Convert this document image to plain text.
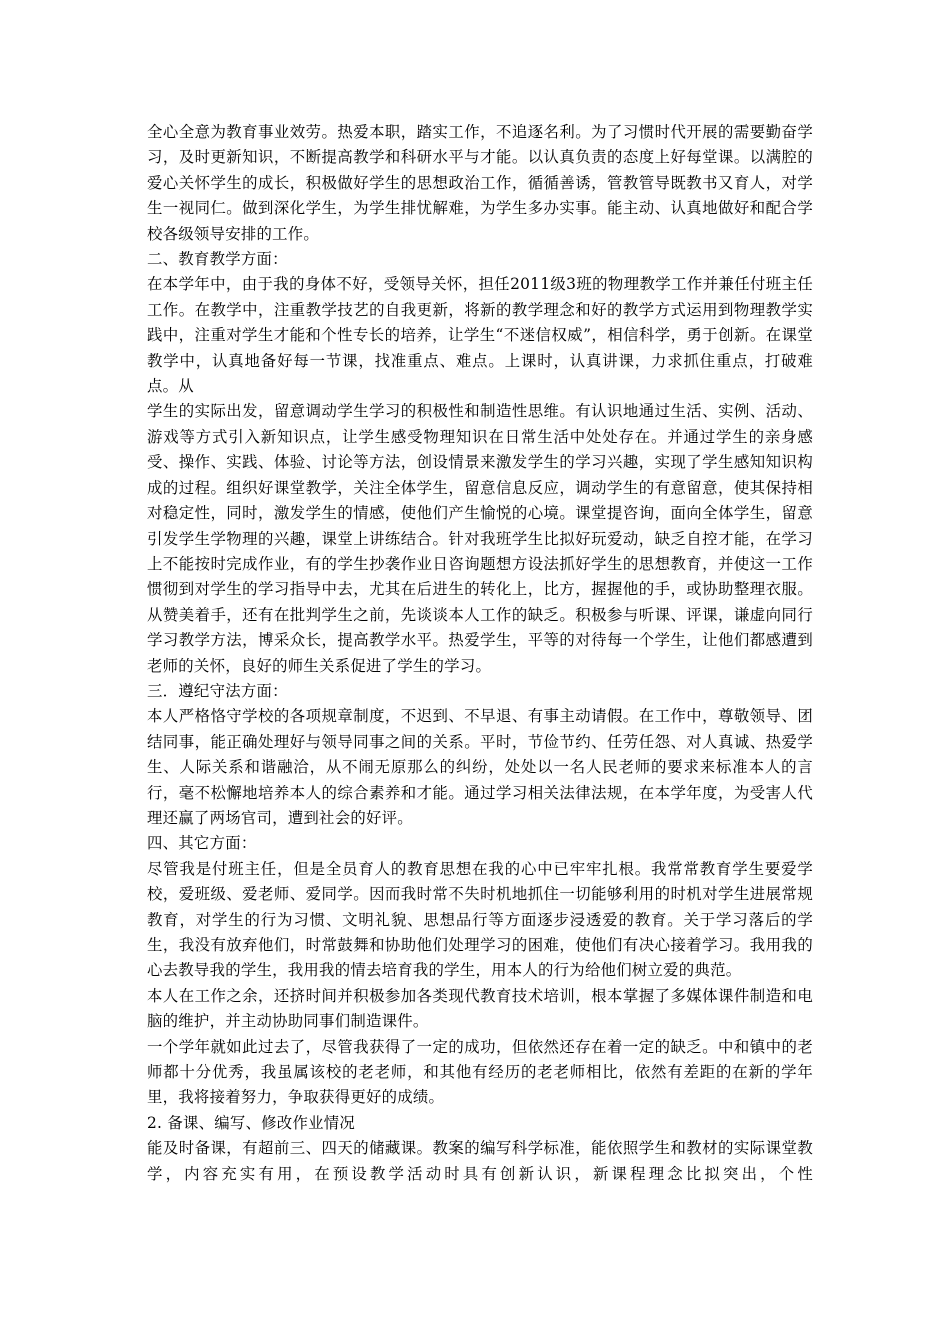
全心全意为教育事业效劳。热爱本职，踏实工作，不追逐名利。为了习惯时代开展的需要勤奋学习，及时更新知识，不断提高教学和科研水平与才能。以认真负责的态度上好每堂课。以满腔的爱心关怀学生的成长，积极做好学生的思想政治工作，循循善诱，管教管导既教书又育人，对学生一视同仁。做到深化学生，为学生排忧解难，为学生多办实事。能主动、认真地做好和配合学校各级领导安排的工作。

二、教育教学方面：

在本学年中，由于我的身体不好，受领导关怀，担任2011级3班的物理教学工作并兼任付班主任工作。在教学中，注重教学技艺的自我更新，将新的教学理念和好的教学方式运用到物理教学实践中，注重对学生才能和个性专长的培养，让学生“不迷信权威”，相信科学，勇于创新。在课堂教学中，认真地备好每一节课，找准重点、难点。上课时，认真讲课，力求抓住重点，打破难点。从

学生的实际出发，留意调动学生学习的积极性和制造性思维。有认识地通过生活、实例、活动、游戏等方式引入新知识点，让学生感受物理知识在日常生活中处处存在。并通过学生的亲身感受、操作、实践、体验、讨论等方法，创设情景来激发学生的学习兴趣，实现了学生感知知识构成的过程。组织好课堂教学，关注全体学生，留意信息反应，调动学生的有意留意，使其保持相对稳定性，同时，激发学生的情感，使他们产生愉悦的心境。课堂提咨询，面向全体学生，留意引发学生学物理的兴趣，课堂上讲练结合。针对我班学生比拟好玩爱动，缺乏自控才能，在学习上不能按时完成作业，有的学生抄袭作业日咨询题想方设法抓好学生的思想教育，并使这一工作惯彻到对学生的学习指导中去，尤其在后进生的转化上，比方，握握他的手，或协助整理衣服。从赞美着手，还有在批判学生之前，先谈谈本人工作的缺乏。积极参与听课、评课，谦虚向同行学习教学方法，博采众长，提高教学水平。热爱学生，平等的对待每一个学生，让他们都感遭到老师的关怀，良好的师生关系促进了学生的学习。

三．遵纪守法方面：

本人严格恪守学校的各项规章制度，不迟到、不早退、有事主动请假。在工作中，尊敬领导、团结同事，能正确处理好与领导同事之间的关系。平时，节俭节约、任劳任怨、对人真诚、热爱学生、人际关系和谐融洽，从不闹无原那么的纠纷，处处以一名人民老师的要求来标准本人的言行，毫不松懈地培养本人的综合素养和才能。通过学习相关法律法规，在本学年度，为受害人代理还赢了两场官司，遭到社会的好评。

四、其它方面：

尽管我是付班主任，但是全员育人的教育思想在我的心中已牢牢扎根。我常常教育学生要爱学校，爱班级、爱老师、爱同学。因而我时常不失时机地抓住一切能够利用的时机对学生进展常规教育，对学生的行为习惯、文明礼貌、思想品行等方面逐步浸透爱的教育。关于学习落后的学生，我没有放弃他们，时常鼓舞和协助他们处理学习的困难，使他们有决心接着学习。我用我的心去教导我的学生，我用我的情去培育我的学生，用本人的行为给他们树立爱的典范。

本人在工作之余，还挤时间并积极参加各类现代教育技术培训，根本掌握了多媒体课件制造和电脑的维护，并主动协助同事们制造课件。

一个学年就如此过去了，尽管我获得了一定的成功，但依然还存在着一定的缺乏。中和镇中的老师都十分优秀，我虽属该校的老老师，和其他有经历的老老师相比，依然有差距的在新的学年里，我将接着努力，争取获得更好的成绩。

2. 备课、编写、修改作业情况

能及时备课，有超前三、四天的储藏课。教案的编写科学标准，能依照学生和教材的实际课堂教学，内容充实有用，在预设教学活动时具有创新认识，新课程理念比拟突出，个性
